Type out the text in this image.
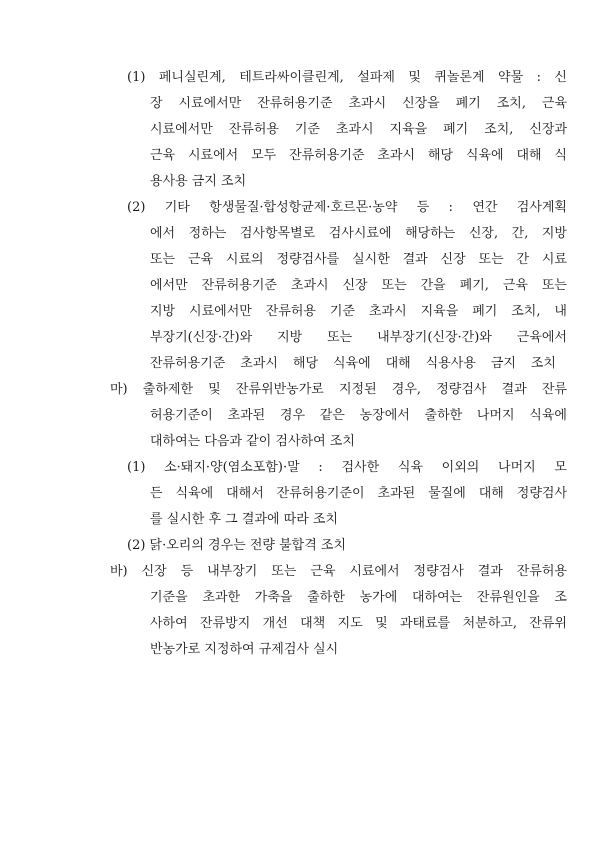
(1) 페니실린계, 테트라싸이클린계, 설파제 및 퀴놀론계 약물 : 신
장 시료에서만 잔류허용기준 초과시 신장을 폐기 조치, 근육
시료에서만 잔류허용 기준 초과시 지육을 폐기 조치, 신장과
근육 시료에서 모두 잔류허용기준 초과시 해당 식육에 대해 식
용사용 금지 조치
(2) 기타 항생물질·합성항균제·호르몬·농약 등 : 연간 검사계획
에서 정하는 검사항목별로 검사시료에 해당하는 신장, 간, 지방
또는 근육 시료의 정량검사를 실시한 결과 신장 또는 간 시료
에서만 잔류허용기준 초과시 신장 또는 간을 폐기, 근육 또는
지방 시료에서만 잔류허용 기준 초과시 지육을 폐기 조치, 내
부장기(신장·간)와 지방 또는 내부장기(신장·간)와 근육에서
잔류허용기준 초과시 해당 식육에 대해 식용사용 금지 조치
마) 출하제한 및 잔류위반농가로 지정된 경우, 정량검사 결과 잔류
허용기준이 초과된 경우 같은 농장에서 출하한 나머지 식육에
대하여는 다음과 같이 검사하여 조치
(1) 소·돼지·양(염소포함)·말 : 검사한 식육 이외의 나머지 모
든 식육에 대해서 잔류허용기준이 초과된 물질에 대해 정량검사
를 실시한 후 그 결과에 따라 조치
(2) 닭·오리의 경우는 전량 불합격 조치
바) 신장 등 내부장기 또는 근육 시료에서 정량검사 결과 잔류허용
기준을 초과한 가축을 출하한 농가에 대하여는 잔류원인을 조
사하여 잔류방지 개선 대책 지도 및 과태료를 처분하고, 잔류위
반농가로 지정하여 규제검사 실시
